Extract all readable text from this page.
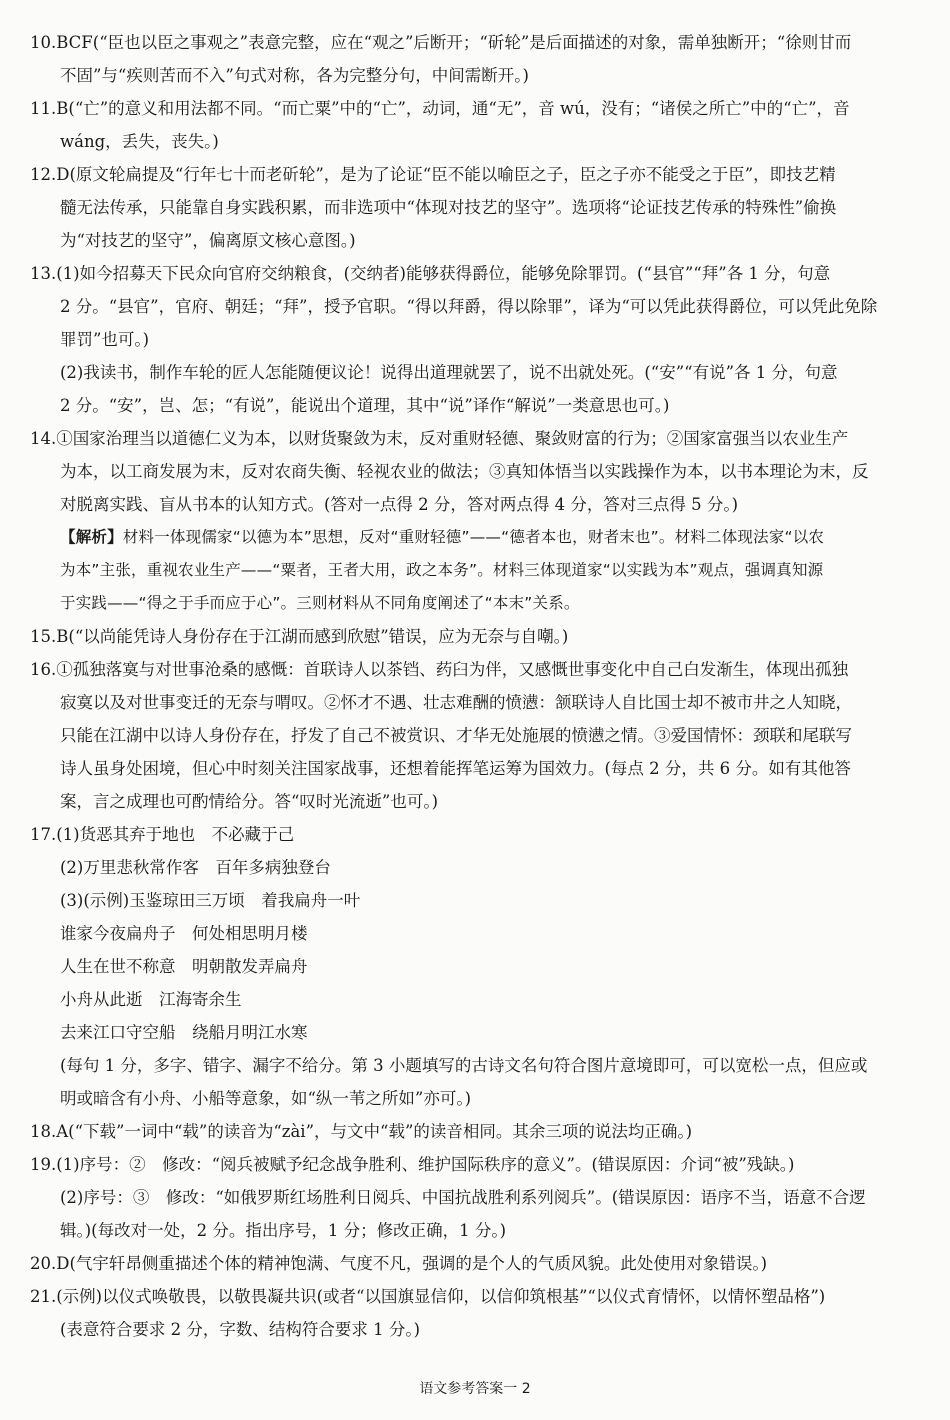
10.BCF(“臣也以臣之事观之”表意完整，应在“观之”后断开；“斫轮”是后面描述的对象，需单独断开；“徐则甘而
不固”与“疾则苦而不入”句式对称，各为完整分句，中间需断开。)
11.B(“亡”的意义和用法都不同。“而亡粟”中的“亡”，动词，通“无”，音 wú，没有；“诸侯之所亡”中的“亡”，音
wáng，丢失，丧失。)
12.D(原文轮扁提及“行年七十而老斫轮”，是为了论证“臣不能以喻臣之子，臣之子亦不能受之于臣”，即技艺精
髓无法传承，只能靠自身实践积累，而非选项中“体现对技艺的坚守”。选项将“论证技艺传承的特殊性”偷换
为“对技艺的坚守”，偏离原文核心意图。)
13.(1)如今招募天下民众向官府交纳粮食，(交纳者)能够获得爵位，能够免除罪罚。(“县官”“拜”各 1 分，句意
2 分。“县官”，官府、朝廷；“拜”，授予官职。“得以拜爵，得以除罪”，译为“可以凭此获得爵位，可以凭此免除
罪罚”也可。)
(2)我读书，制作车轮的匠人怎能随便议论！说得出道理就罢了，说不出就处死。(“安”“有说”各 1 分，句意
2 分。“安”，岂、怎；“有说”，能说出个道理，其中“说”译作“解说”一类意思也可。)
14.①国家治理当以道德仁义为本，以财货聚敛为末，反对重财轻德、聚敛财富的行为；②国家富强当以农业生产
为本，以工商发展为末，反对农商失衡、轻视农业的做法；③真知体悟当以实践操作为本，以书本理论为末，反
对脱离实践、盲从书本的认知方式。(答对一点得 2 分，答对两点得 4 分，答对三点得 5 分。)
【解析】材料一体现儒家“以德为本”思想，反对“重财轻德”——“德者本也，财者末也”。材料二体现法家“以农
为本”主张，重视农业生产——“粟者，王者大用，政之本务”。材料三体现道家“以实践为本”观点，强调真知源
于实践——“得之于手而应于心”。三则材料从不同角度阐述了“本末”关系。
15.B(“以尚能凭诗人身份存在于江湖而感到欣慰”错误，应为无奈与自嘲。)
16.①孤独落寞与对世事沧桑的感慨：首联诗人以茶铛、药臼为伴，又感慨世事变化中自己白发渐生，体现出孤独
寂寞以及对世事变迁的无奈与喟叹。②怀才不遇、壮志难酬的愤懑：颔联诗人自比国士却不被市井之人知晓，
只能在江湖中以诗人身份存在，抒发了自己不被赏识、才华无处施展的愤懑之情。③爱国情怀：颈联和尾联写
诗人虽身处困境，但心中时刻关注国家战事，还想着能挥笔运筹为国效力。(每点 2 分，共 6 分。如有其他答
案，言之成理也可酌情给分。答“叹时光流逝”也可。)
17.(1)货恶其弃于地也　不必藏于己
(2)万里悲秋常作客　百年多病独登台
(3)(示例)玉鉴琼田三万顷　着我扁舟一叶
谁家今夜扁舟子　何处相思明月楼
人生在世不称意　明朝散发弄扁舟
小舟从此逝　江海寄余生
去来江口守空船　绕船月明江水寒
(每句 1 分，多字、错字、漏字不给分。第 3 小题填写的古诗文名句符合图片意境即可，可以宽松一点，但应或
明或暗含有小舟、小船等意象，如“纵一苇之所如”亦可。)
18.A(“下载”一词中“载”的读音为“zài”，与文中“载”的读音相同。其余三项的说法均正确。)
19.(1)序号：②　修改：“阅兵被赋予纪念战争胜利、维护国际秩序的意义”。(错误原因：介词“被”残缺。)
(2)序号：③　修改：“如俄罗斯红场胜利日阅兵、中国抗战胜利系列阅兵”。(错误原因：语序不当，语意不合逻
辑。)(每改对一处，2 分。指出序号，1 分；修改正确，1 分。)
20.D(气宇轩昂侧重描述个体的精神饱满、气度不凡，强调的是个人的气质风貌。此处使用对象错误。)
21.(示例)以仪式唤敬畏，以敬畏凝共识(或者“以国旗显信仰，以信仰筑根基”“以仪式育情怀，以情怀塑品格”)
(表意符合要求 2 分，字数、结构符合要求 1 分。)
语文参考答案一 2
